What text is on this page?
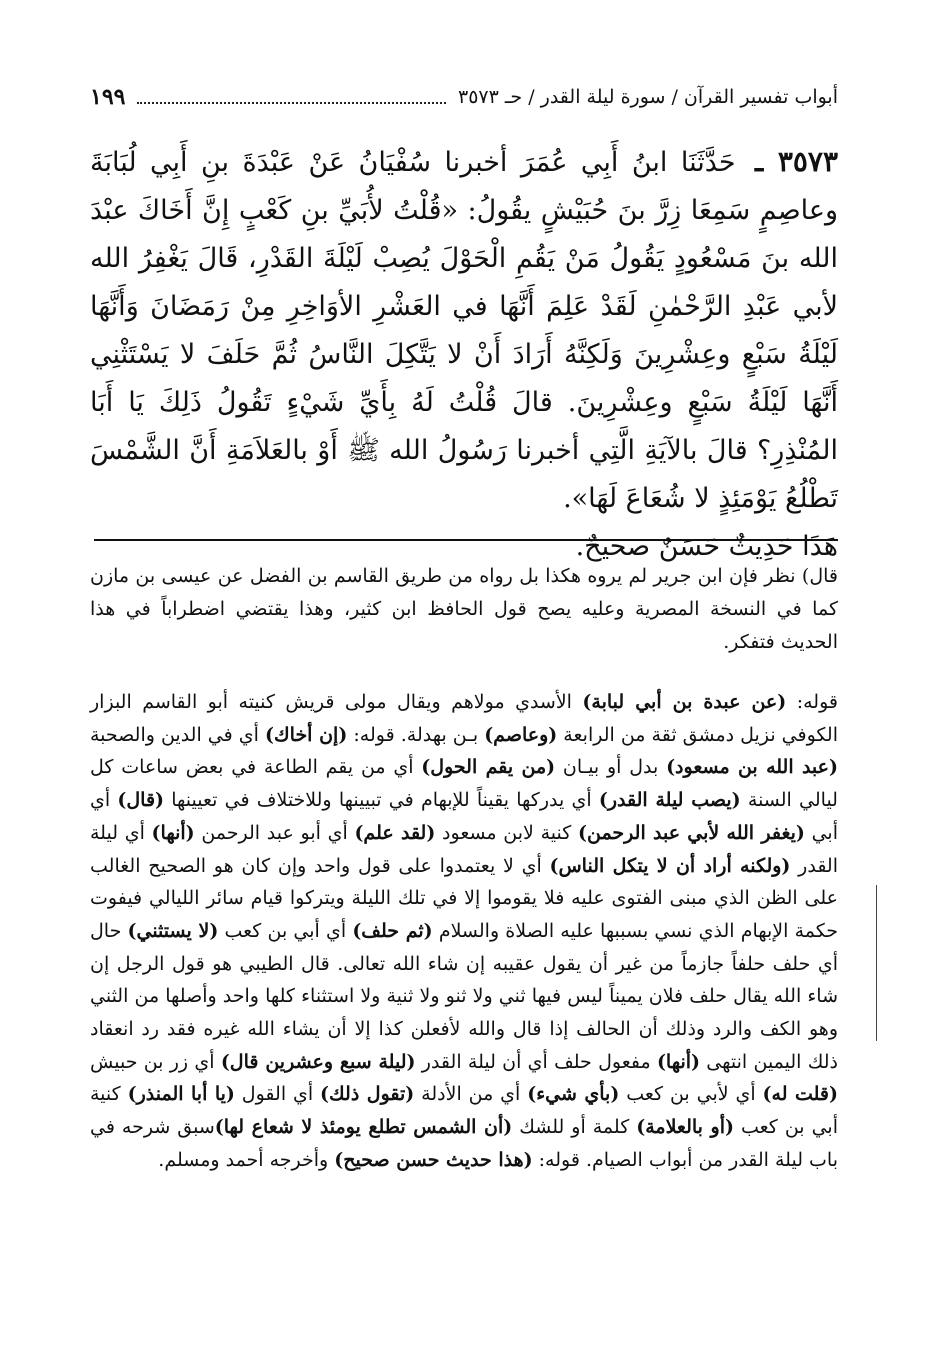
أبواب تفسير القرآن / سورة ليلة القدر / حـ ٣٥٧٣
١٩٩
٣٥٧٣ ـ حَدَّثَنَا ابنُ أَبِي عُمَرَ أخبرنا سُفْيَانُ عَنْ عَبْدَةَ بنِ أَبِي لُبَابَةَ وعاصِمٍ سَمِعَا زِرَّ بنَ حُبَيْشٍ يقُولُ: «قُلْتُ لأُبَيِّ بنِ كَعْبٍ إِنَّ أَخَاكَ عبْدَ الله بنَ مَسْعُودٍ يَقُولُ مَنْ يَقُمِ الْحَوْلَ يُصِبْ لَيْلَةَ القَدْرِ، قَالَ يَغْفِرُ الله لأبي عَبْدِ الرَّحْمٰنِ لَقَدْ عَلِمَ أَنَّهَا في العَشْرِ الأوَاخِرِ مِنْ رَمَضَانَ وَأَنَّهَا لَيْلَةُ سَبْعٍ وعِشْرِينَ وَلَكِنَّهُ أَرَادَ أَنْ لا يَتَّكِلَ النَّاسُ ثُمَّ حَلَفَ لا يَسْتَثْنِي أَنَّهَا لَيْلَةُ سَبْعٍ وعِشْرِينَ. قالَ قُلْتُ لَهُ بِأَيِّ شَيْءٍ تَقُولُ ذَلِكَ يَا أَبَا المُنْذِرِ؟ قالَ بالآيَةِ الَّتِي أخبرنا رَسُولُ الله ﷺ أَوْ بالعَلاَمَةِ أَنَّ الشَّمْسَ تَطْلُعُ يَوْمَئِذٍ لا شُعَاعَ لَهَا».
هَذَا حَدِيثٌ حَسَنٌ صحيحٌ.
قال) نظر فإن ابن جرير لم يروه هكذا بل رواه من طريق القاسم بن الفضل عن عيسى بن مازن كما في النسخة المصرية وعليه يصح قول الحافظ ابن كثير، وهذا يقتضي اضطراباً في هذا الحديث فتفكر.
قوله: (عن عبدة بن أبي لبابة) الأسدي مولاهم ويقال مولى قريش كنيته أبو القاسم البزار الكوفي نزيل دمشق ثقة من الرابعة (وعاصم) بـن بهدلة. قوله: (إن أخاك) أي في الدين والصحبة (عبد الله بن مسعود) بدل أو بيـان (من يقم الحول) أي من يقم الطاعة في بعض ساعات كل ليالي السنة (يصب ليلة القدر) أي يدركها يقيناً للإبهام في تبيينها وللاختلاف في تعيينها (قال) أي أبي (يغفر الله لأبي عبد الرحمن) كنية لابن مسعود (لقد علم) أي أبو عبد الرحمن (أنها) أي ليلة القدر (ولكنه أراد أن لا يتكل الناس) أي لا يعتمدوا على قول واحد وإن كان هو الصحيح الغالب على الظن الذي مبنى الفتوى عليه فلا يقوموا إلا في تلك الليلة ويتركوا قيام سائر الليالي فيفوت حكمة الإبهام الذي نسي بسببها عليه الصلاة والسلام (ثم حلف) أي أبي بن كعب (لا يستثني) حال أي حلف حلفاً جازماً من غير أن يقول عقيبه إن شاء الله تعالى. قال الطيبي هو قول الرجل إن شاء الله يقال حلف فلان يميناً ليس فيها ثني ولا ثنو ولا ثنية ولا استثناء كلها واحد وأصلها من الثني وهو الكف والرد وذلك أن الحالف إذا قال والله لأفعلن كذا إلا أن يشاء الله غيره فقد رد انعقاد ذلك اليمين انتهى (أنها) مفعول حلف أي أن ليلة القدر (ليلة سبع وعشرين قال) أي زر بن حبيش (قلت له) أي لأبي بن كعب (بأي شيء) أي من الأدلة (تقول ذلك) أي القول (يا أبا المنذر) كنية أبي بن كعب (أو بالعلامة) كلمة أو للشك (أن الشمس تطلع يومئذ لا شعاع لها)سبق شرحه في باب ليلة القدر من أبواب الصيام. قوله: (هذا حديث حسن صحيح) وأخرجه أحمد ومسلم.
